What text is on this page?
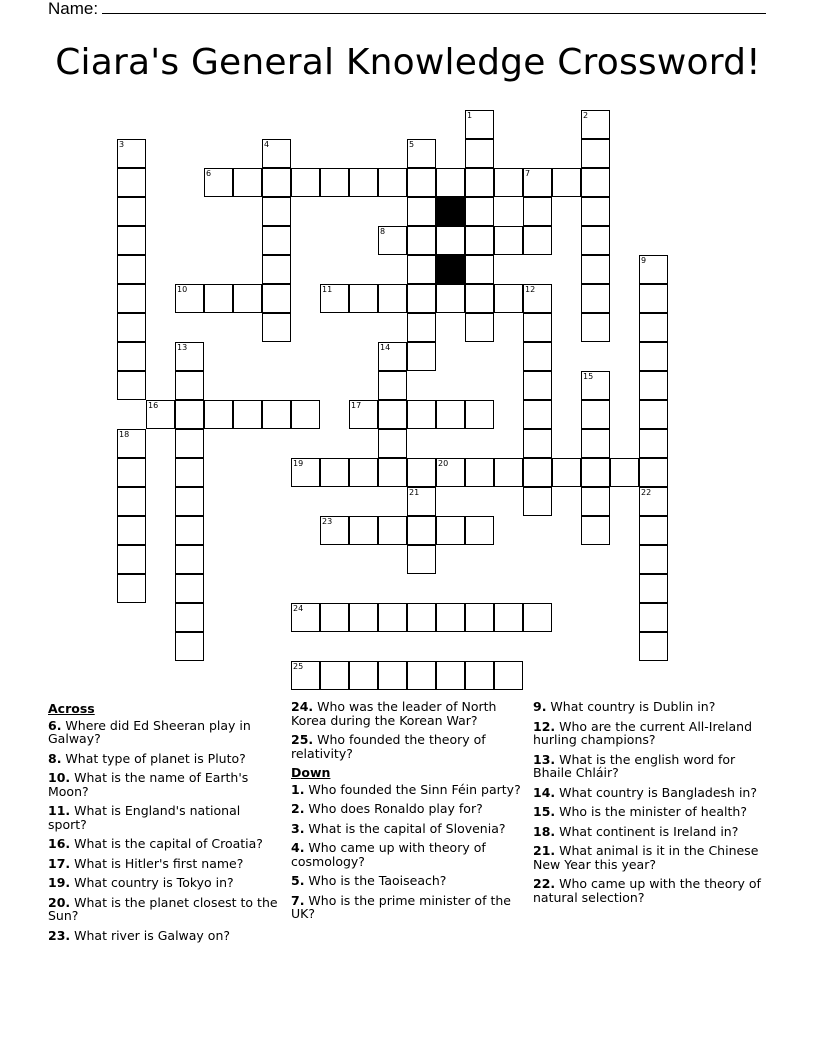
Name:
Ciara's General Knowledge Crossword!
1	2
3	4	5
6	7
8
9
10	11	12
13	14
15
16	17
18
19	20
21	22
23
24
25
Across
6. Where did Ed Sheeran play in Galway?
8. What type of planet is Pluto?
10. What is the name of Earth's Moon?
11. What is England's national sport?
16. What is the capital of Croatia?
17. What is Hitler's first name?
19. What country is Tokyo in?
20. What is the planet closest to the Sun?
23. What river is Galway on?
24. Who was the leader of North Korea during the Korean War?
25. Who founded the theory of relativity?
Down
1. Who founded the Sinn Féin party?
2. Who does Ronaldo play for?
3. What is the capital of Slovenia?
4. Who came up with theory of cosmology?
5. Who is the Taoiseach?
7. Who is the prime minister of the UK?
9. What country is Dublin in?
12. Who are the current All-Ireland hurling champions?
13. What is the english word for Bhaile Chláir?
14. What country is Bangladesh in?
15. Who is the minister of health?
18. What continent is Ireland in?
21. What animal is it in the Chinese New Year this year?
22. Who came up with the theory of natural selection?
